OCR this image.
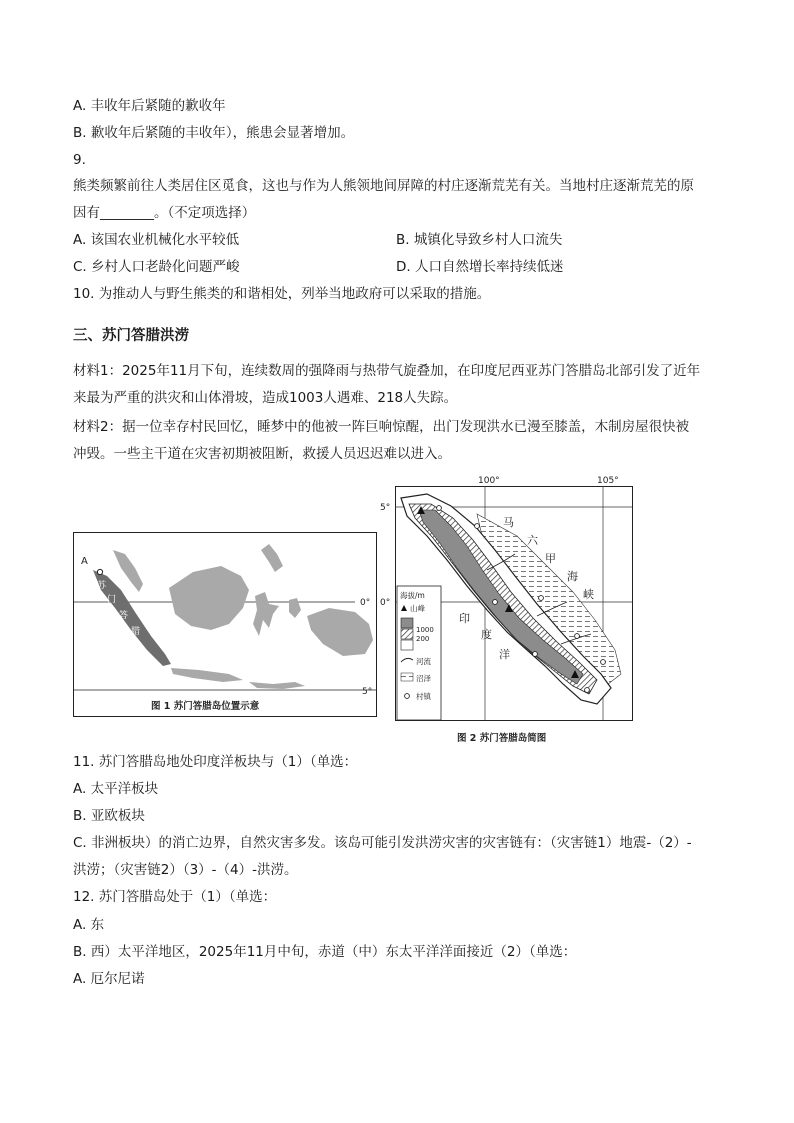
A. 丰收年后紧随的歉收年
B. 歉收年后紧随的丰收年），熊患会显著增加。
9.
熊类频繁前往人类居住区觅食，这也与作为人熊领地间屏障的村庄逐渐荒芜有关。当地村庄逐渐荒芜的原
因有________。（不定项选择）
A. 该国农业机械化水平较低	B. 城镇化导致乡村人口流失
C. 乡村人口老龄化问题严峻	D. 人口自然增长率持续低迷
10. 为推动人与野生熊类的和谐相处，列举当地政府可以采取的措施。
三、苏门答腊洪涝
材料1：2025年11月下旬，连续数周的强降雨与热带气旋叠加，在印度尼西亚苏门答腊岛北部引发了近年
来最为严重的洪灾和山体滑坡，造成1003人遇难、218人失踪。
材料2：据一位幸存村民回忆，睡梦中的他被一阵巨响惊醒，出门发现洪水已漫至膝盖，木制房屋很快被
冲毁。一些主干道在灾害初期被阻断，救援人员迟迟难以进入。
A
苏
门
答
腊
0°
5°
图 1 苏门答腊岛位置示意
100°	105°
5°
0°
马
六
甲
海
峡
印
度
洋
海拔/m
山峰
1000
200
河流
沼泽
村镇
图 2 苏门答腊岛简图
11. 苏门答腊岛地处印度洋板块与（1）（单选：
A. 太平洋板块
B. 亚欧板块
C. 非洲板块）的消亡边界，自然灾害多发。该岛可能引发洪涝灾害的灾害链有：（灾害链1）地震-（2）-
洪涝；（灾害链2）（3）-（4）-洪涝。
12. 苏门答腊岛处于（1）（单选：
A. 东
B. 西）太平洋地区，2025年11月中旬，赤道（中）东太平洋洋面接近（2）（单选：
A. 厄尔尼诺
